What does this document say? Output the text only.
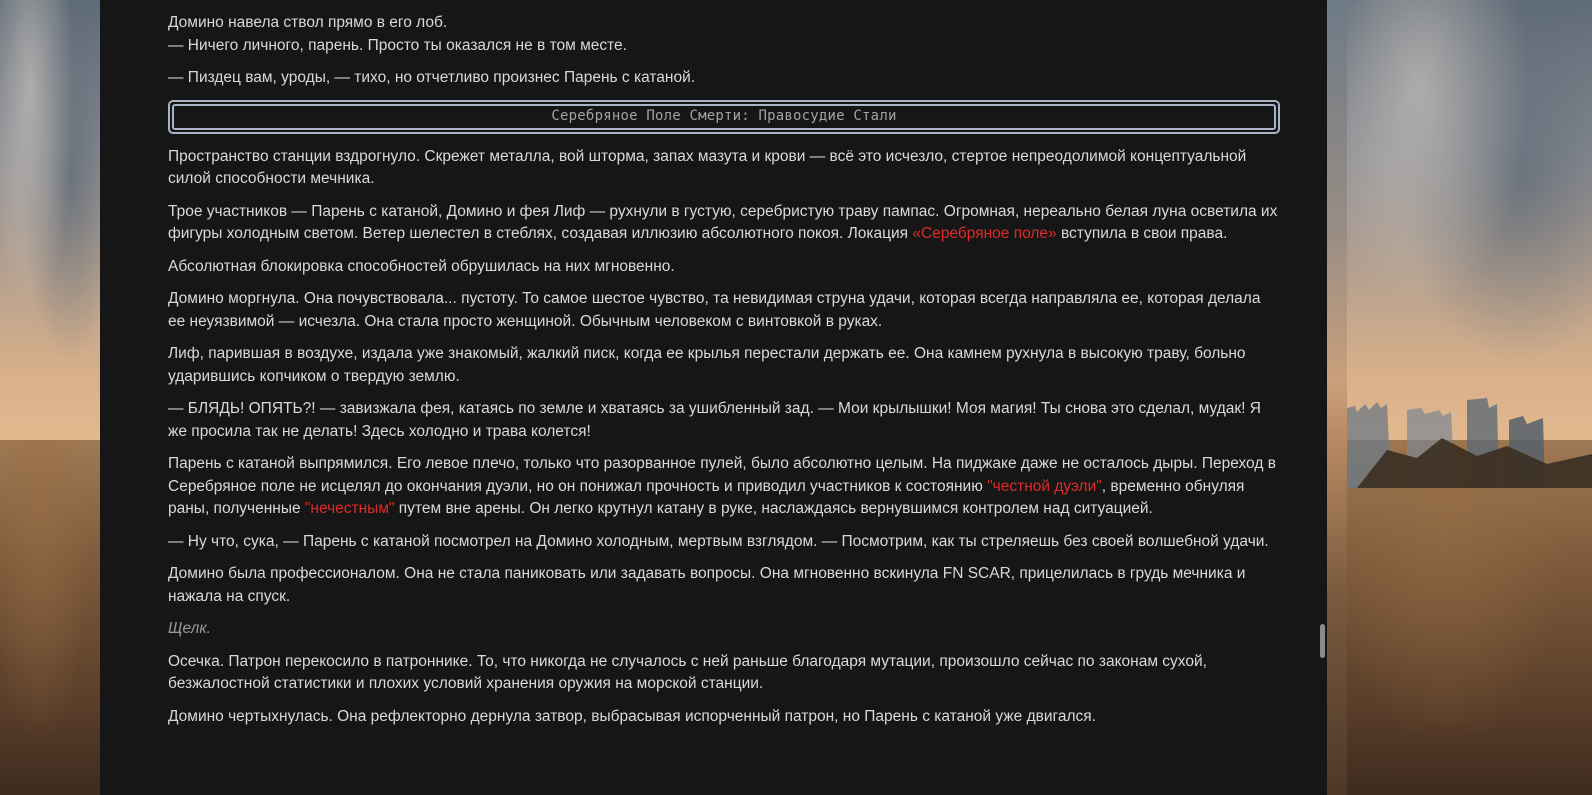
Домино навела ствол прямо в его лоб.

— Ничего личного, парень. Просто ты оказался не в том месте.

— Пиздец вам, уроды, — тихо, но отчетливо произнес Парень с катаной.

Серебряное Поле Смерти: Правосудие Стали

Пространство станции вздрогнуло. Скрежет металла, вой шторма, запах мазута и крови — всё это исчезло, стертое непреодолимой концептуальной силой способности мечника.

Трое участников — Парень с катаной, Домино и фея Лиф — рухнули в густую, серебристую траву пампас. Огромная, нереально белая луна осветила их фигуры холодным светом. Ветер шелестел в стеблях, создавая иллюзию абсолютного покоя. Локация «Серебряное поле» вступила в свои права.

Абсолютная блокировка способностей обрушилась на них мгновенно.

Домино моргнула. Она почувствовала... пустоту. То самое шестое чувство, та невидимая струна удачи, которая всегда направляла ее, которая делала ее неуязвимой — исчезла. Она стала просто женщиной. Обычным человеком с винтовкой в руках.

Лиф, парившая в воздухе, издала уже знакомый, жалкий писк, когда ее крылья перестали держать ее. Она камнем рухнула в высокую траву, больно ударившись копчиком о твердую землю.

— БЛЯДЬ! ОПЯТЬ?! — завизжала фея, катаясь по земле и хватаясь за ушибленный зад. — Мои крылышки! Моя магия! Ты снова это сделал, мудак! Я же просила так не делать! Здесь холодно и трава колется!

Парень с катаной выпрямился. Его левое плечо, только что разорванное пулей, было абсолютно целым. На пиджаке даже не осталось дыры. Переход в Серебряное поле не исцелял до окончания дуэли, но он понижал прочность и приводил участников к состоянию "честной дуэли", временно обнуляя раны, полученные "нечестным" путем вне арены. Он легко крутнул катану в руке, наслаждаясь вернувшимся контролем над ситуацией.

— Ну что, сука, — Парень с катаной посмотрел на Домино холодным, мертвым взглядом. — Посмотрим, как ты стреляешь без своей волшебной удачи.

Домино была профессионалом. Она не стала паниковать или задавать вопросы. Она мгновенно вскинула FN SCAR, прицелилась в грудь мечника и нажала на спуск.

Щелк.

Осечка. Патрон перекосило в патроннике. То, что никогда не случалось с ней раньше благодаря мутации, произошло сейчас по законам сухой, безжалостной статистики и плохих условий хранения оружия на морской станции.

Домино чертыхнулась. Она рефлекторно дернула затвор, выбрасывая испорченный патрон, но Парень с катаной уже двигался.
